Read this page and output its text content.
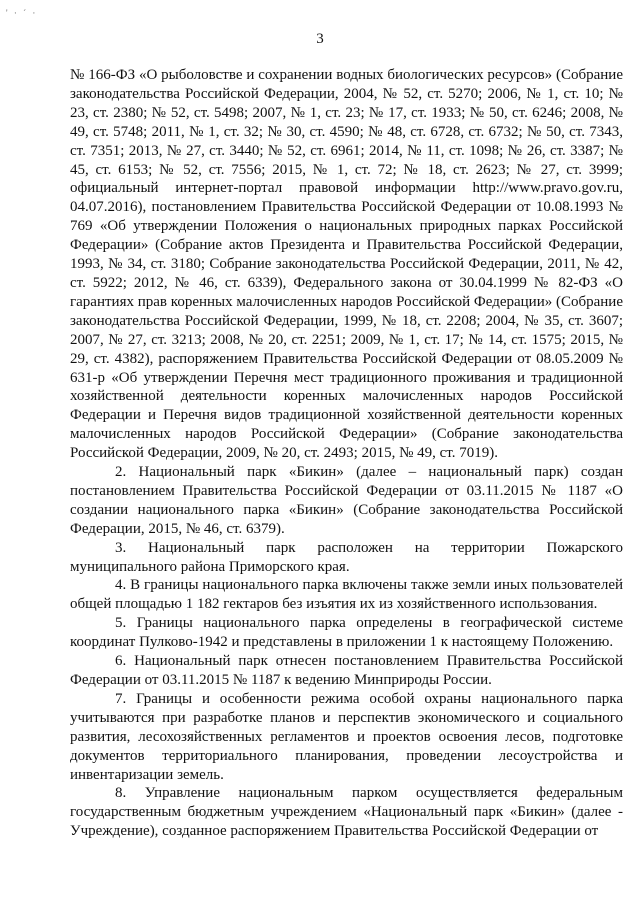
' · ´ ·
3

№ 166-ФЗ «О рыболовстве и сохранении водных биологических ресурсов» (Собрание законодательства Российской Федерации, 2004, № 52, ст. 5270; 2006, № 1, ст. 10; № 23, ст. 2380; № 52, ст. 5498; 2007, № 1, ст. 23; № 17, ст. 1933; № 50, ст. 6246; 2008, № 49, ст. 5748; 2011, № 1, ст. 32; № 30, ст. 4590; № 48, ст. 6728, ст. 6732; № 50, ст. 7343, ст. 7351; 2013, № 27, ст. 3440; № 52, ст. 6961; 2014, № 11, ст. 1098; № 26, ст. 3387; № 45, ст. 6153; № 52, ст. 7556; 2015, № 1, ст. 72; № 18, ст. 2623; № 27, ст. 3999; официальный интернет-портал правовой информации http://www.pravo.gov.ru, 04.07.2016), постановлением Правительства Российской Федерации от 10.08.1993 № 769 «Об утверждении Положения о национальных природных парках Российской Федерации» (Собрание актов Президента и Правительства Российской Федерации, 1993, № 34, ст. 3180; Собрание законодательства Российской Федерации, 2011, № 42, ст. 5922; 2012, № 46, ст. 6339), Федерального закона от 30.04.1999 № 82-ФЗ «О гарантиях прав коренных малочисленных народов Российской Федерации» (Собрание законодательства Российской Федерации, 1999, № 18, ст. 2208; 2004, № 35, ст. 3607; 2007, № 27, ст. 3213; 2008, № 20, ст. 2251; 2009, № 1, ст. 17; № 14, ст. 1575; 2015, № 29, ст. 4382), распоряжением Правительства Российской Федерации от 08.05.2009 № 631-р «Об утверждении Перечня мест традиционного проживания и традиционной хозяйственной деятельности коренных малочисленных народов Российской Федерации и Перечня видов традиционной хозяйственной деятельности коренных малочисленных народов Российской Федерации» (Собрание законодательства Российской Федерации, 2009, № 20, ст. 2493; 2015, № 49, ст. 7019).

2. Национальный парк «Бикин» (далее – национальный парк) создан постановлением Правительства Российской Федерации от 03.11.2015 № 1187 «О создании национального парка «Бикин» (Собрание законодательства Российской Федерации, 2015, № 46, ст. 6379).

3. Национальный парк расположен на территории Пожарского муниципального района Приморского края.

4. В границы национального парка включены также земли иных пользователей общей площадью 1 182 гектаров без изъятия их из хозяйственного использования.

5. Границы национального парка определены в географической системе координат Пулково-1942 и представлены в приложении 1 к настоящему Положению.

6. Национальный парк отнесен постановлением Правительства Российской Федерации от 03.11.2015 № 1187 к ведению Минприроды России.

7. Границы и особенности режима особой охраны национального парка учитываются при разработке планов и перспектив экономического и социального развития, лесохозяйственных регламентов и проектов освоения лесов, подготовке документов территориального планирования, проведении лесоустройства и инвентаризации земель.

8. Управление национальным парком осуществляется федеральным государственным бюджетным учреждением «Национальный парк «Бикин» (далее - Учреждение), созданное распоряжением Правительства Российской Федерации от
